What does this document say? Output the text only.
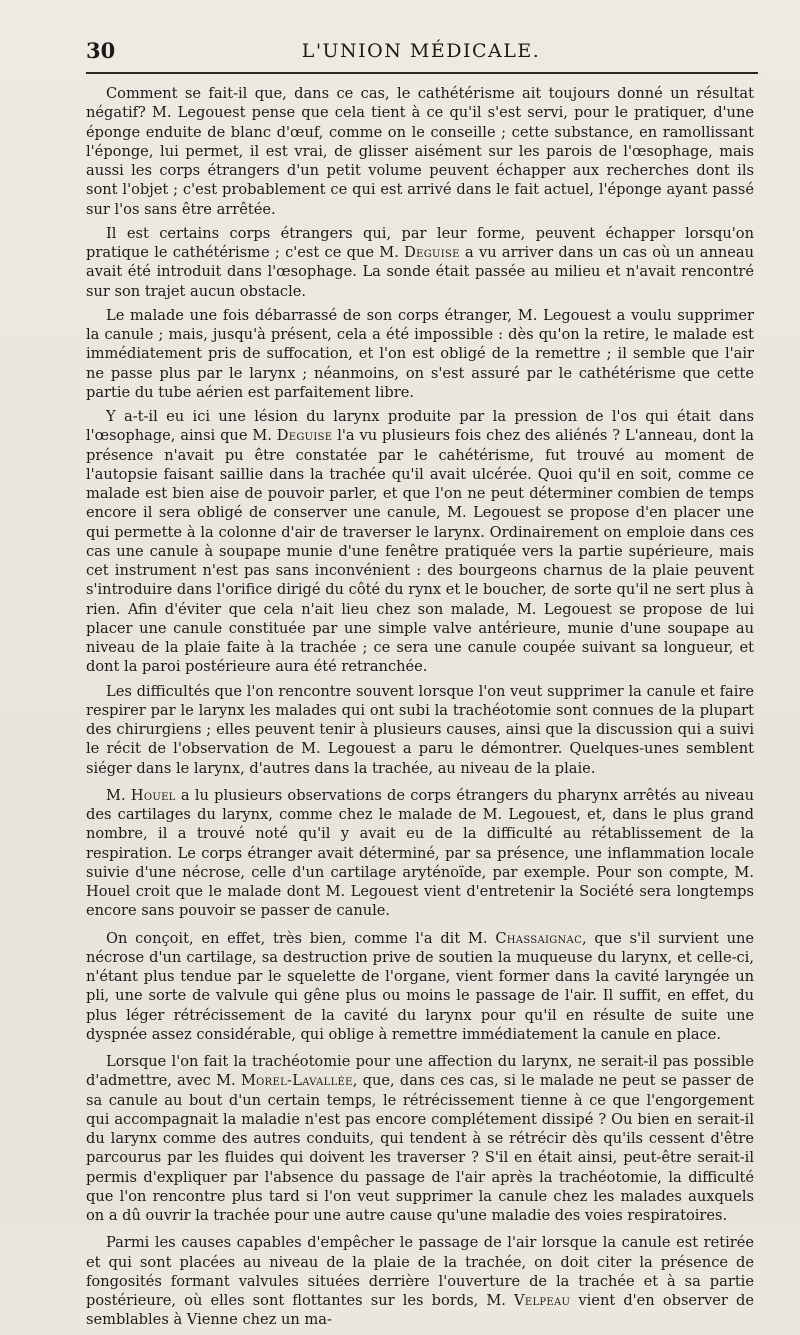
30	L'UNION MÉDICALE.

Comment se fait-il que, dans ce cas, le cathétérisme ait toujours donné un résultat négatif? M. Legouest pense que cela tient à ce qu'il s'est servi, pour le pratiquer, d'une éponge enduite de blanc d'œuf, comme on le conseille ; cette substance, en ramollissant l'éponge, lui permet, il est vrai, de glisser aisément sur les parois de l'œsophage, mais aussi les corps étrangers d'un petit volume peuvent échapper aux recherches dont ils sont l'objet ; c'est probablement ce qui est arrivé dans le fait actuel, l'éponge ayant passé sur l'os sans être arrêtée.

Il est certains corps étrangers qui, par leur forme, peuvent échapper lorsqu'on pratique le cathétérisme ; c'est ce que M. Deguise a vu arriver dans un cas où un anneau avait été introduit dans l'œsophage. La sonde était passée au milieu et n'avait rencontré sur son trajet aucun obstacle.

Le malade une fois débarrassé de son corps étranger, M. Legouest a voulu supprimer la canule ; mais, jusqu'à présent, cela a été impossible : dès qu'on la retire, le malade est immédiatement pris de suffocation, et l'on est obligé de la remettre ; il semble que l'air ne passe plus par le larynx ; néanmoins, on s'est assuré par le cathétérisme que cette partie du tube aérien est parfaitement libre.

Y a-t-il eu ici une lésion du larynx produite par la pression de l'os qui était dans l'œsophage, ainsi que M. Deguise l'a vu plusieurs fois chez des aliénés ? L'anneau, dont la présence n'avait pu être constatée par le cahétérisme, fut trouvé au moment de l'autopsie faisant saillie dans la trachée qu'il avait ulcérée. Quoi qu'il en soit, comme ce malade est bien aise de pouvoir parler, et que l'on ne peut déterminer combien de temps encore il sera obligé de conserver une canule, M. Legouest se propose d'en placer une qui permette à la colonne d'air de traverser le larynx. Ordinairement on emploie dans ces cas une canule à soupape munie d'une fenêtre pratiquée vers la partie supérieure, mais cet instrument n'est pas sans inconvénient : des bourgeons charnus de la plaie peuvent s'introduire dans l'orifice dirigé du côté du rynx et le boucher, de sorte qu'il ne sert plus à rien. Afin d'éviter que cela n'ait lieu chez son malade, M. Legouest se propose de lui placer une canule constituée par une simple valve antérieure, munie d'une soupape au niveau de la plaie faite à la trachée ; ce sera une canule coupée suivant sa longueur, et dont la paroi postérieure aura été retranchée.

Les difficultés que l'on rencontre souvent lorsque l'on veut supprimer la canule et faire respirer par le larynx les malades qui ont subi la trachéotomie sont connues de la plupart des chirurgiens ; elles peuvent tenir à plusieurs causes, ainsi que la discussion qui a suivi le récit de l'observation de M. Legouest a paru le démontrer. Quelques-unes semblent siéger dans le larynx, d'autres dans la trachée, au niveau de la plaie.

M. Houel a lu plusieurs observations de corps étrangers du pharynx arrêtés au niveau des cartilages du larynx, comme chez le malade de M. Legouest, et, dans le plus grand nombre, il a trouvé noté qu'il y avait eu de la difficulté au rétablissement de la respiration. Le corps étranger avait déterminé, par sa présence, une inflammation locale suivie d'une nécrose, celle d'un cartilage aryténoïde, par exemple. Pour son compte, M. Houel croit que le malade dont M. Legouest vient d'entretenir la Société sera longtemps encore sans pouvoir se passer de canule.

On conçoit, en effet, très bien, comme l'a dit M. Chassaignac, que s'il survient une nécrose d'un cartilage, sa destruction prive de soutien la muqueuse du larynx, et celle-ci, n'étant plus tendue par le squelette de l'organe, vient former dans la cavité laryngée un pli, une sorte de valvule qui gêne plus ou moins le passage de l'air. Il suffit, en effet, du plus léger rétrécissement de la cavité du larynx pour qu'il en résulte de suite une dyspnée assez considérable, qui oblige à remettre immédiatement la canule en place.

Lorsque l'on fait la trachéotomie pour une affection du larynx, ne serait-il pas possible d'admettre, avec M. Morel-Lavallée, que, dans ces cas, si le malade ne peut se passer de sa canule au bout d'un certain temps, le rétrécissement tienne à ce que l'engorgement qui accompagnait la maladie n'est pas encore complétement dissipé ? Ou bien en serait-il du larynx comme des autres conduits, qui tendent à se rétrécir dès qu'ils cessent d'être parcourus par les fluides qui doivent les traverser ? S'il en était ainsi, peut-être serait-il permis d'expliquer par l'absence du passage de l'air après la trachéotomie, la difficulté que l'on rencontre plus tard si l'on veut supprimer la canule chez les malades auxquels on a dû ouvrir la trachée pour une autre cause qu'une maladie des voies respiratoires.

Parmi les causes capables d'empêcher le passage de l'air lorsque la canule est retirée et qui sont placées au niveau de la plaie de la trachée, on doit citer la présence de fongosités formant valvules situées derrière l'ouverture de la trachée et à sa partie postérieure, où elles sont flottantes sur les bords, M. Velpeau vient d'en observer de semblables à Vienne chez un ma-
